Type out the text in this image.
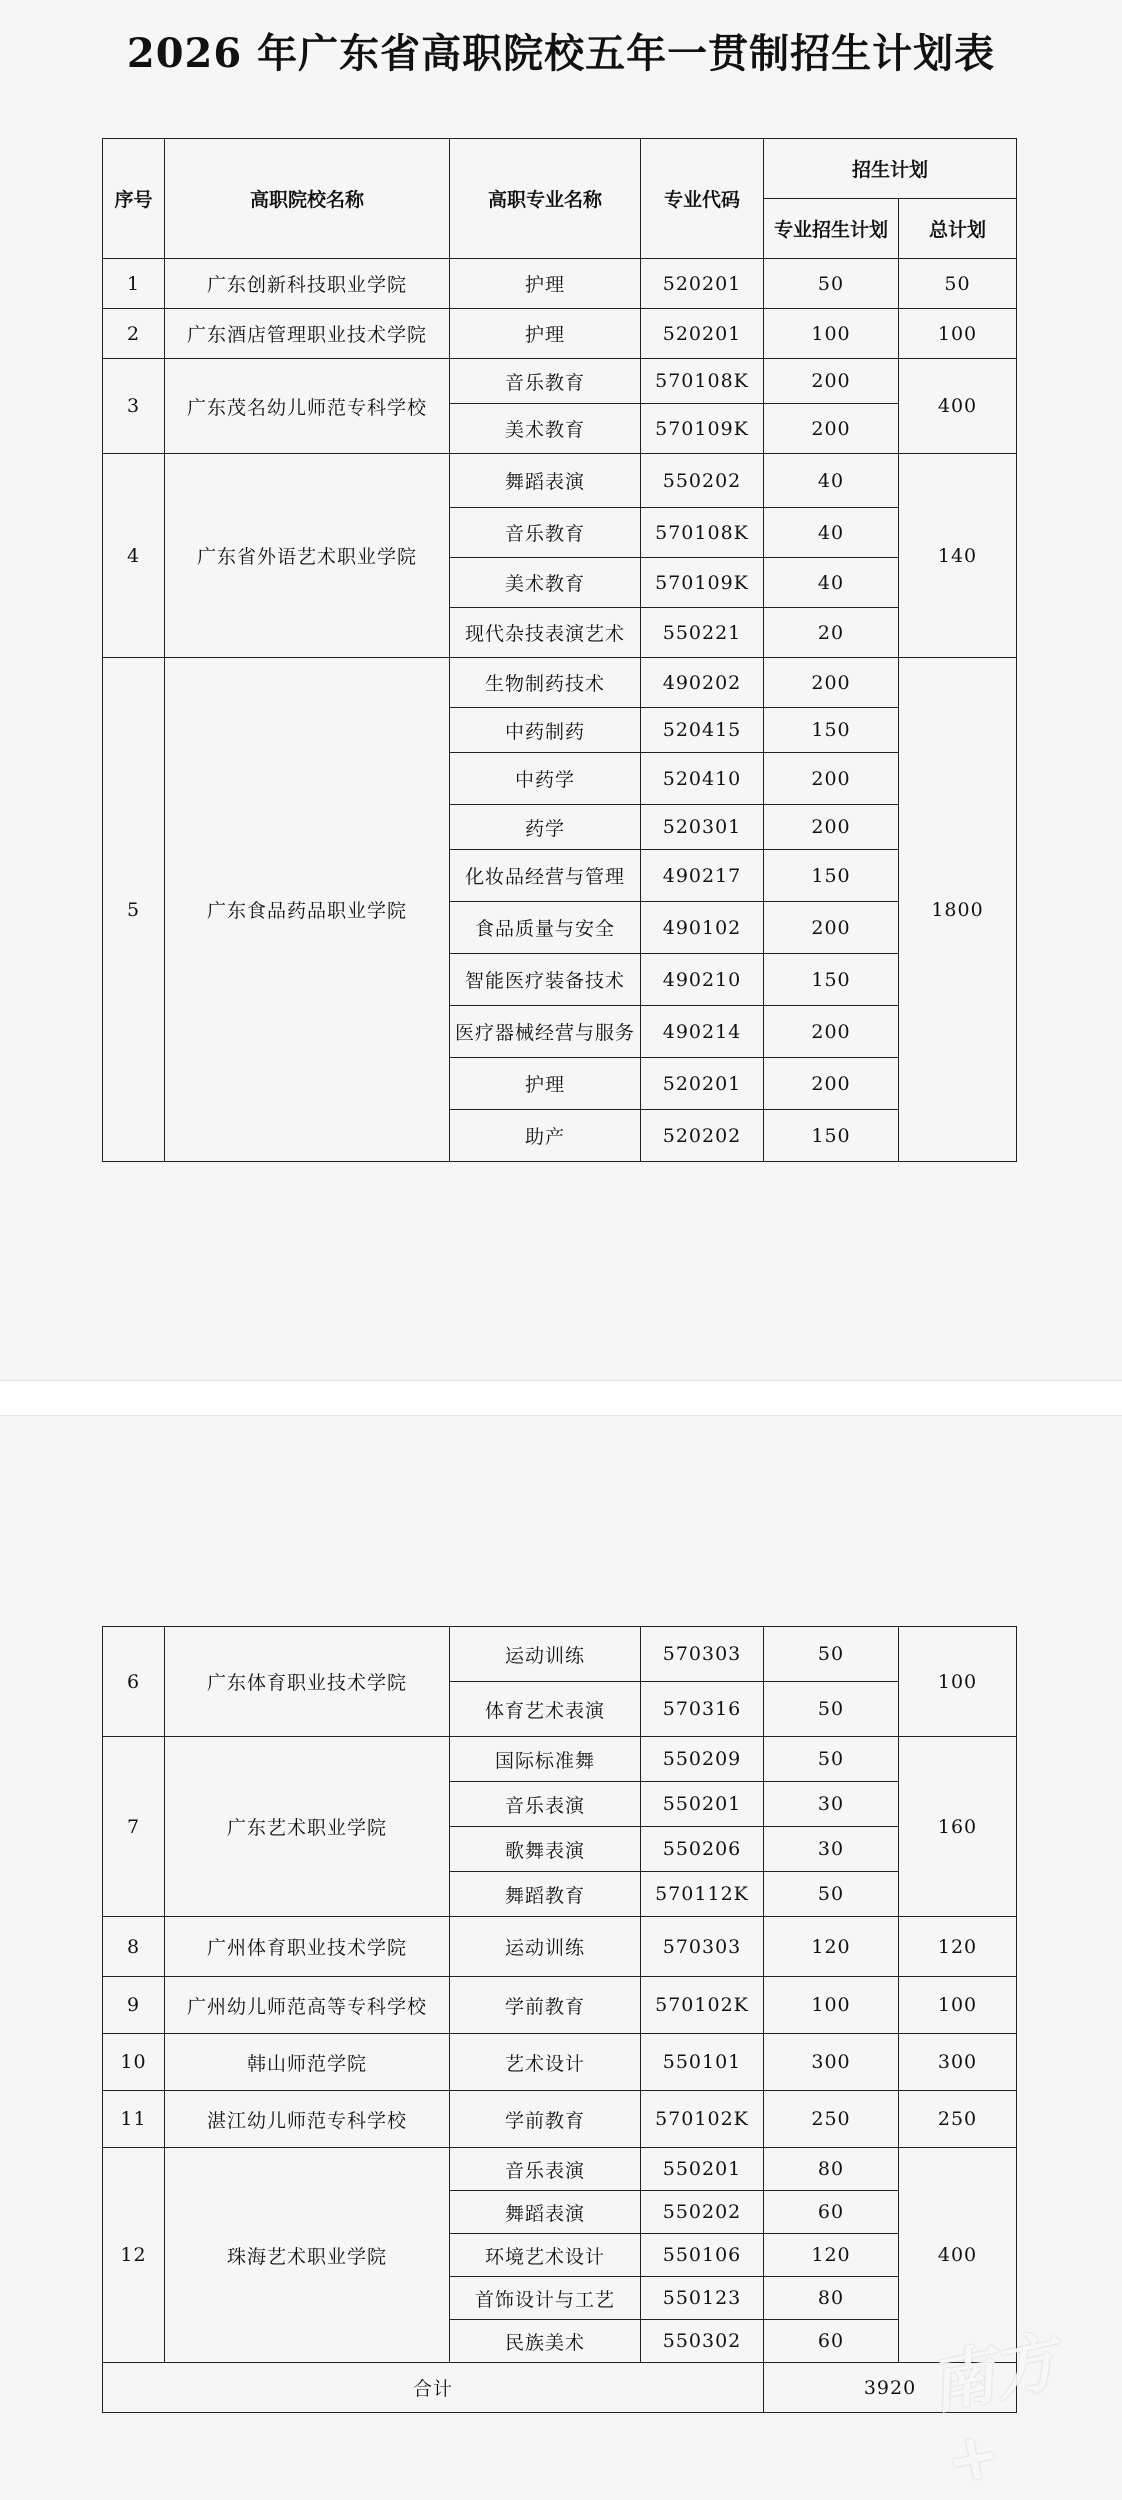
2026 年广东省高职院校五年一贯制招生计划表
序号	高职院校名称	高职专业名称	专业代码	招生计划	
				专业招生计划	总计划
1	广东创新科技职业学院	护理	520201	50	50
2	广东酒店管理职业技术学院	护理	520201	100	100
3	广东茂名幼儿师范专科学校	音乐教育	570108K	200	400
		美术教育	570109K	200	
4	广东省外语艺术职业学院	舞蹈表演	550202	40	140
		音乐教育	570108K	40	
		美术教育	570109K	40	
		现代杂技表演艺术	550221	20	
5	广东食品药品职业学院	生物制药技术	490202	200	1800
		中药制药	520415	150	
		中药学	520410	200	
		药学	520301	200	
		化妆品经营与管理	490217	150	
		食品质量与安全	490102	200	
		智能医疗装备技术	490210	150	
		医疗器械经营与服务	490214	200	
		护理	520201	200	
		助产	520202	150	
6	广东体育职业技术学院	运动训练	570303	50	100
		体育艺术表演	570316	50	
7	广东艺术职业学院	国际标准舞	550209	50	160
		音乐表演	550201	30	
		歌舞表演	550206	30	
		舞蹈教育	570112K	50	
8	广州体育职业技术学院	运动训练	570303	120	120
9	广州幼儿师范高等专科学校	学前教育	570102K	100	100
10	韩山师范学院	艺术设计	550101	300	300
11	湛江幼儿师范专科学校	学前教育	570102K	250	250
12	珠海艺术职业学院	音乐表演	550201	80	400
		舞蹈表演	550202	60	
		环境艺术设计	550106	120	
		首饰设计与工艺	550123	80	
		民族美术	550302	60	
合计				3920	南方+
